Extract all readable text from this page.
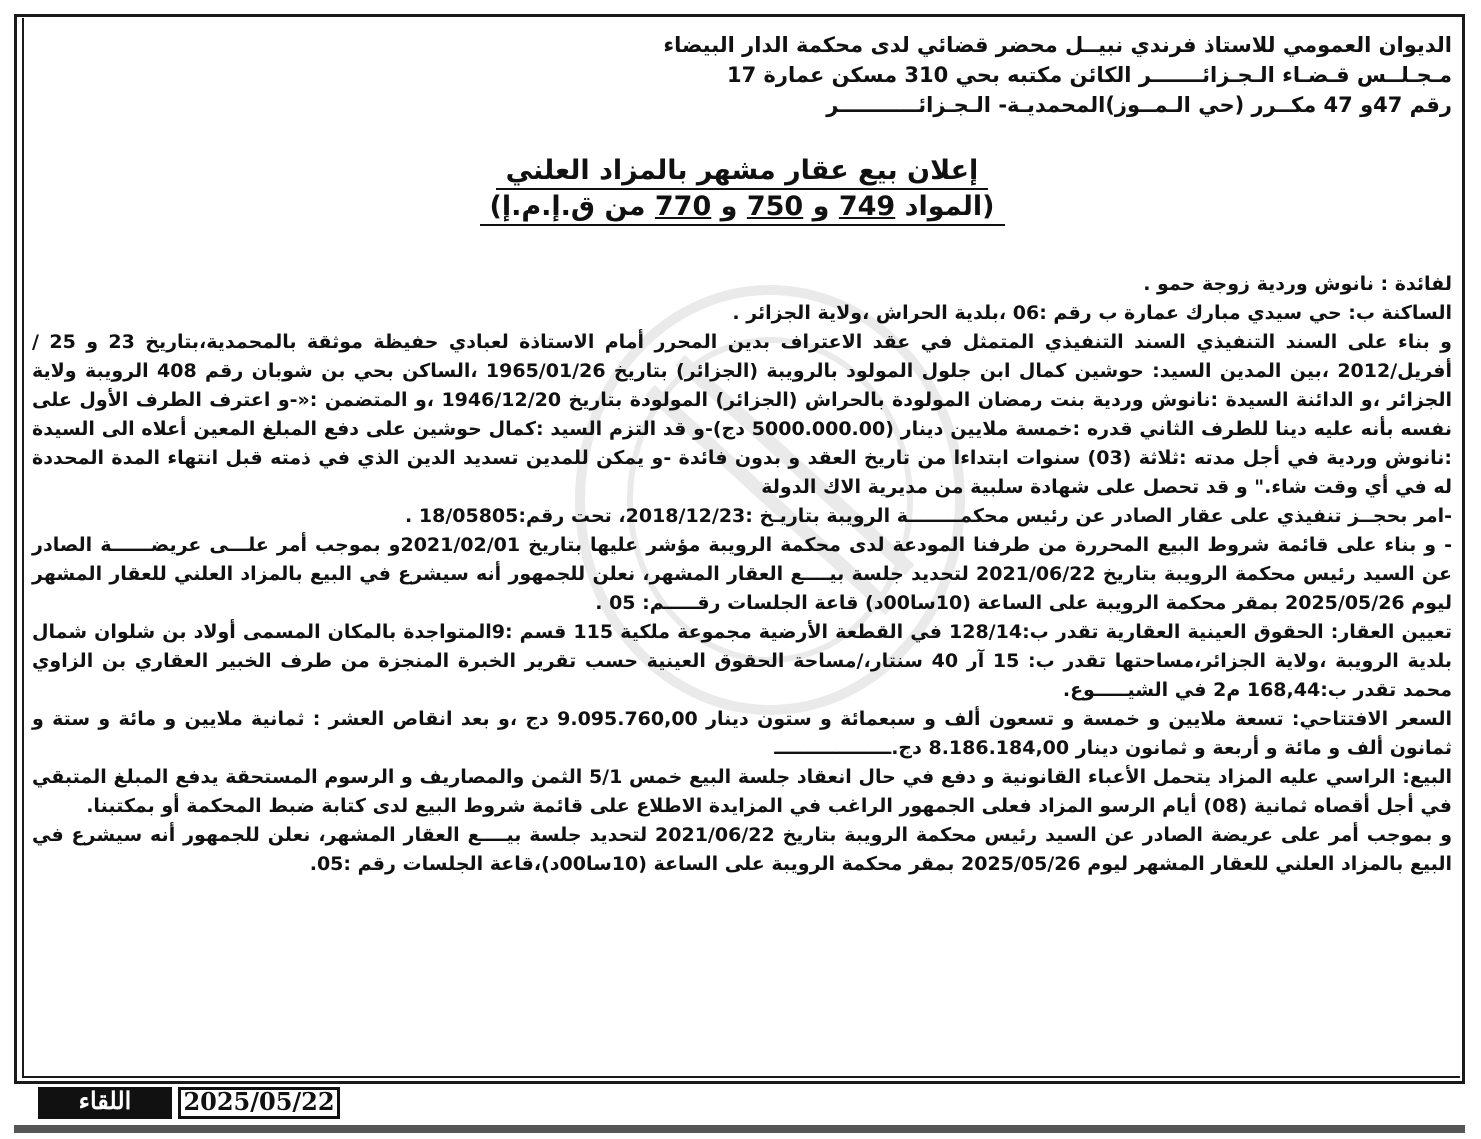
الديوان العمومي للاستاذ فرندي نبيــل محضر قضائي لدى محكمة الدار البيضاء

مـجـلــس قـضـاء الـجـزائـــــــر الكائن مكتبه بحي 310 مسكن عمارة 17

رقم 47و 47 مكــرر (حي الـمــوز)المحمديـة- الـجـزائـــــــــــر

إعلان بيع عقار مشهر بالمزاد العلني
(المواد 749 و 750 و 770 من ق.إ.م.إ)

لفائدة : نانوش وردية زوجة حمو .

الساكنة ب: حي سيدي مبارك عمارة ب رقم :06 ،بلدية الحراش ،ولاية الجزائر .

و بناء على السند التنفيذي السند التنفيذي المتمثل في عقد الاعتراف بدين المحرر أمام الاستاذة لعبادي حفيظة موثقة بالمحمدية،بتاريخ 23 و 25 /أفريل/2012 ،بين المدين السيد: حوشين كمال ابن جلول المولود بالرويبة (الجزائر) بتاريخ 1965/01/26 ،الساكن بحي بن شوبان رقم 408 الرويبة ولاية الجزائر ،و الدائنة السيدة :نانوش وردية بنت رمضان المولودة بالحراش (الجزائر) المولودة بتاريخ 1946/12/20 ،و المتضمن :«-و اعترف الطرف الأول على نفسه بأنه عليه دينا للطرف الثاني قدره :خمسة ملايين دينار (5000.000.00 دج)-و قد التزم السيد :كمال حوشين على دفع المبلغ المعين أعلاه الى السيدة :نانوش وردية في أجل مدته :ثلاثة (03) سنوات ابتداءا من تاريخ العقد و بدون فائدة -و يمكن للمدين تسديد الدين الذي في ذمته قبل انتهاء المدة المحددة له في أي وقت شاء." و قد تحصل على شهادة سلبية من مديرية الاك الدولة

-امر بحجــز تنفيذي على عقار الصادر عن رئيس محكمــــــــة الرويبة بتاريـخ :2018/12/23، تحت رقم:18/05805 .

- و بناء على قائمة شروط البيع المحررة من طرفنا المودعة لدى محكمة الرويبة مؤشر عليها بتاريخ 2021/02/01و بموجب أمر علـــى عريضــــــة الصادر عن السيد رئيس محكمة الرويبة بتاريخ 2021/06/22 لتحديد جلسة بيــــع العقار المشهر، نعلن للجمهور أنه سيشرع في البيع بالمزاد العلني للعقار المشهر ليوم 2025/05/26 بمقر محكمة الرويبة على الساعة (10سا00د) قاعة الجلسات رقـــــم: 05 .

تعيين العقار: الحقوق العينية العقارية تقدر ب:128/14 في القطعة الأرضية مجموعة ملكية 115 قسم :9المتواجدة بالمكان المسمى أولاد بن شلوان شمال بلدية الرويبة ،ولاية الجزائر،مساحتها تقدر ب: 15 آر 40 سنتار،/مساحة الحقوق العينية حسب تقرير الخبرة المنجزة من طرف الخبير العقاري بن الزاوي محمد تقدر ب:168,44 م2 في الشيـــــوع.

السعر الافتتاحي: تسعة ملايين و خمسة و تسعون ألف و سبعمائة و ستون دينار 9.095.760,00 دج ،و بعد انقاص العشر : ثمانية ملايين و مائة و ستة و ثمانون ألف و مائة و أربعة و ثمانون دينار 8.186.184,00 دج.ــــــــــــــــــ

البيع: الراسي عليه المزاد يتحمل الأعباء القانونية و دفع في حال انعقاد جلسة البيع خمس 5/1 الثمن والمصاريف و الرسوم المستحقة يدفع المبلغ المتبقي في أجل أقصاه ثمانية (08) أيام الرسو المزاد فعلى الجمهور الراغب في المزايدة الاطلاع على قائمة شروط البيع لدى كتابة ضبط المحكمة أو بمكتبنا.

و بموجب أمر على عريضة الصادر عن السيد رئيس محكمة الرويبة بتاريخ 2021/06/22 لتحديد جلسة بيــــع العقار المشهر، نعلن للجمهور أنه سيشرع في البيع بالمزاد العلني للعقار المشهر ليوم 2025/05/26 بمقر محكمة الرويبة على الساعة (10سا00د)،قاعة الجلسات رقم :05.

اللقاء	2025/05/22
